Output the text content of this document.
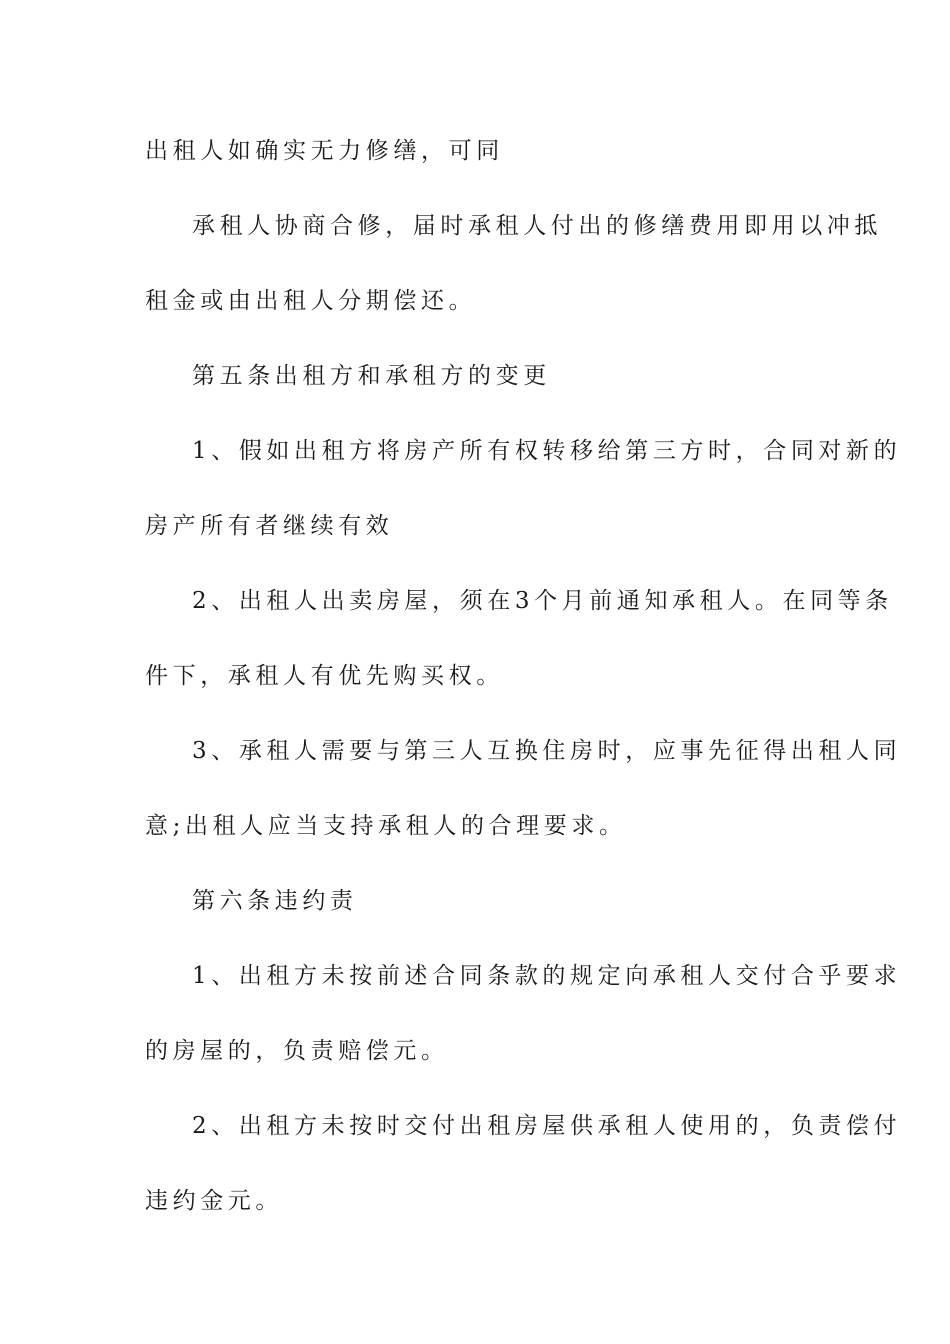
出租人如确实无力修缮，可同
承租人协商合修，届时承租人付出的修缮费用即用以冲抵
租金或由出租人分期偿还。
第五条出租方和承租方的变更
1、假如出租方将房产所有权转移给第三方时，合同对新的
房产所有者继续有效
2、出租人出卖房屋，须在3个月前通知承租人。在同等条
件下，承租人有优先购买权。
3、承租人需要与第三人互换住房时，应事先征得出租人同
意;出租人应当支持承租人的合理要求。
第六条违约责
1、出租方未按前述合同条款的规定向承租人交付合乎要求
的房屋的，负责赔偿元。
2、出租方未按时交付出租房屋供承租人使用的，负责偿付
违约金元。
